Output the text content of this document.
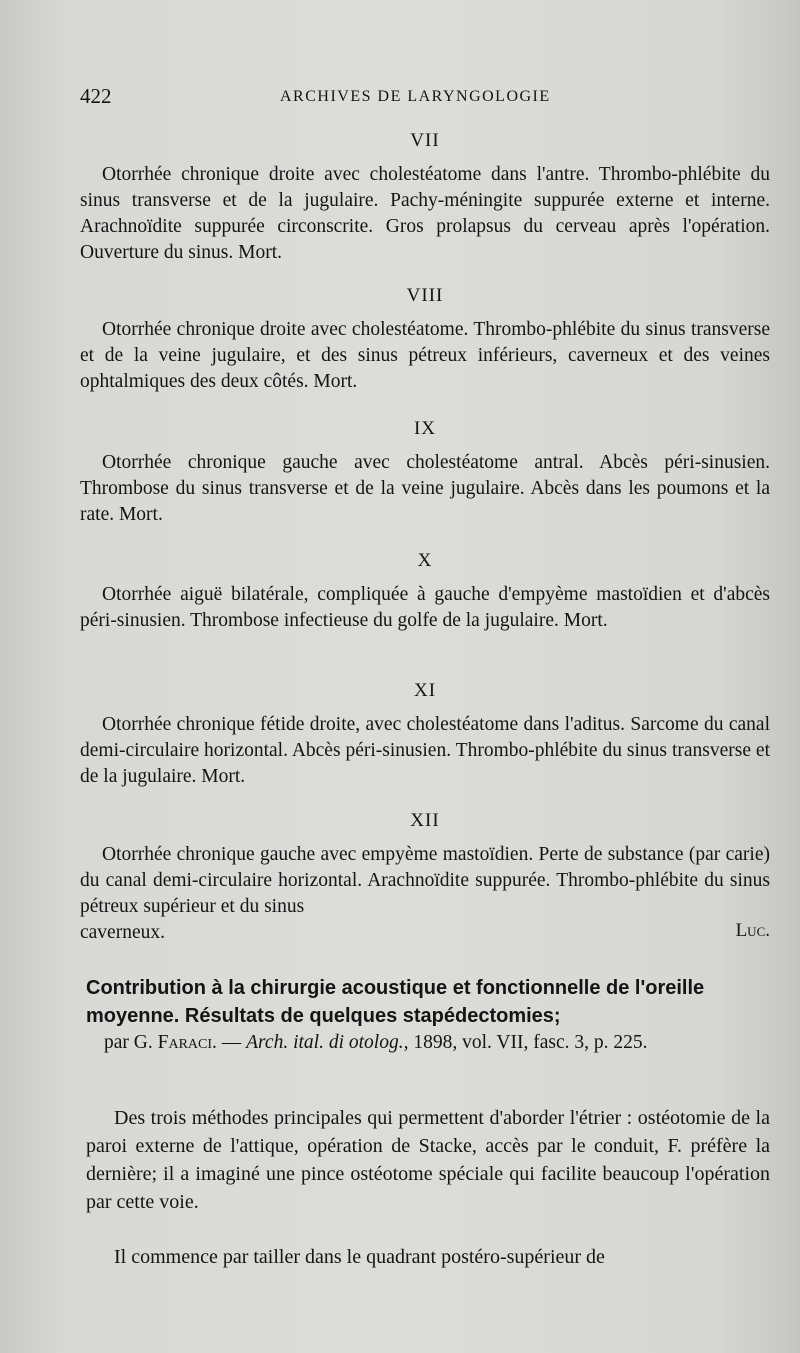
422	ARCHIVES DE LARYNGOLOGIE
VII

Otorrhée chronique droite avec cholestéatome dans l'antre. Thrombo-phlébite du sinus transverse et de la jugulaire. Pachy-méningite suppurée externe et interne. Arachnoïdite suppurée circonscrite. Gros prolapsus du cerveau après l'opération. Ouverture du sinus. Mort.

VIII

Otorrhée chronique droite avec cholestéatome. Thrombo-phlébite du sinus transverse et de la veine jugulaire, et des sinus pétreux inférieurs, caverneux et des veines ophtalmiques des deux côtés. Mort.

IX

Otorrhée chronique gauche avec cholestéatome antral. Abcès péri-sinusien. Thrombose du sinus transverse et de la veine jugulaire. Abcès dans les poumons et la rate. Mort.

X

Otorrhée aiguë bilatérale, compliquée à gauche d'empyème mastoïdien et d'abcès péri-sinusien. Thrombose infectieuse du golfe de la jugulaire. Mort.

XI

Otorrhée chronique fétide droite, avec cholestéatome dans l'aditus. Sarcome du canal demi-circulaire horizontal. Abcès péri-sinusien. Thrombo-phlébite du sinus transverse et de la jugulaire. Mort.

XII

Otorrhée chronique gauche avec empyème mastoïdien. Perte de substance (par carie) du canal demi-circulaire horizontal. Arachnoïdite suppurée. Thrombo-phlébite du sinus pétreux supérieur et du sinus

caverneux.	Luc.
Contribution à la chirurgie acoustique et fonctionnelle de l'oreille moyenne. Résultats de quelques stapédectomies;

par G. Faraci. — Arch. ital. di otolog., 1898, vol. VII, fasc. 3, p. 225.

Des trois méthodes principales qui permettent d'aborder l'étrier : ostéotomie de la paroi externe de l'attique, opération de Stacke, accès par le conduit, F. préfère la dernière; il a imaginé une pince ostéotome spéciale qui facilite beaucoup l'opération par cette voie.

Il commence par tailler dans le quadrant postéro-supérieur de
